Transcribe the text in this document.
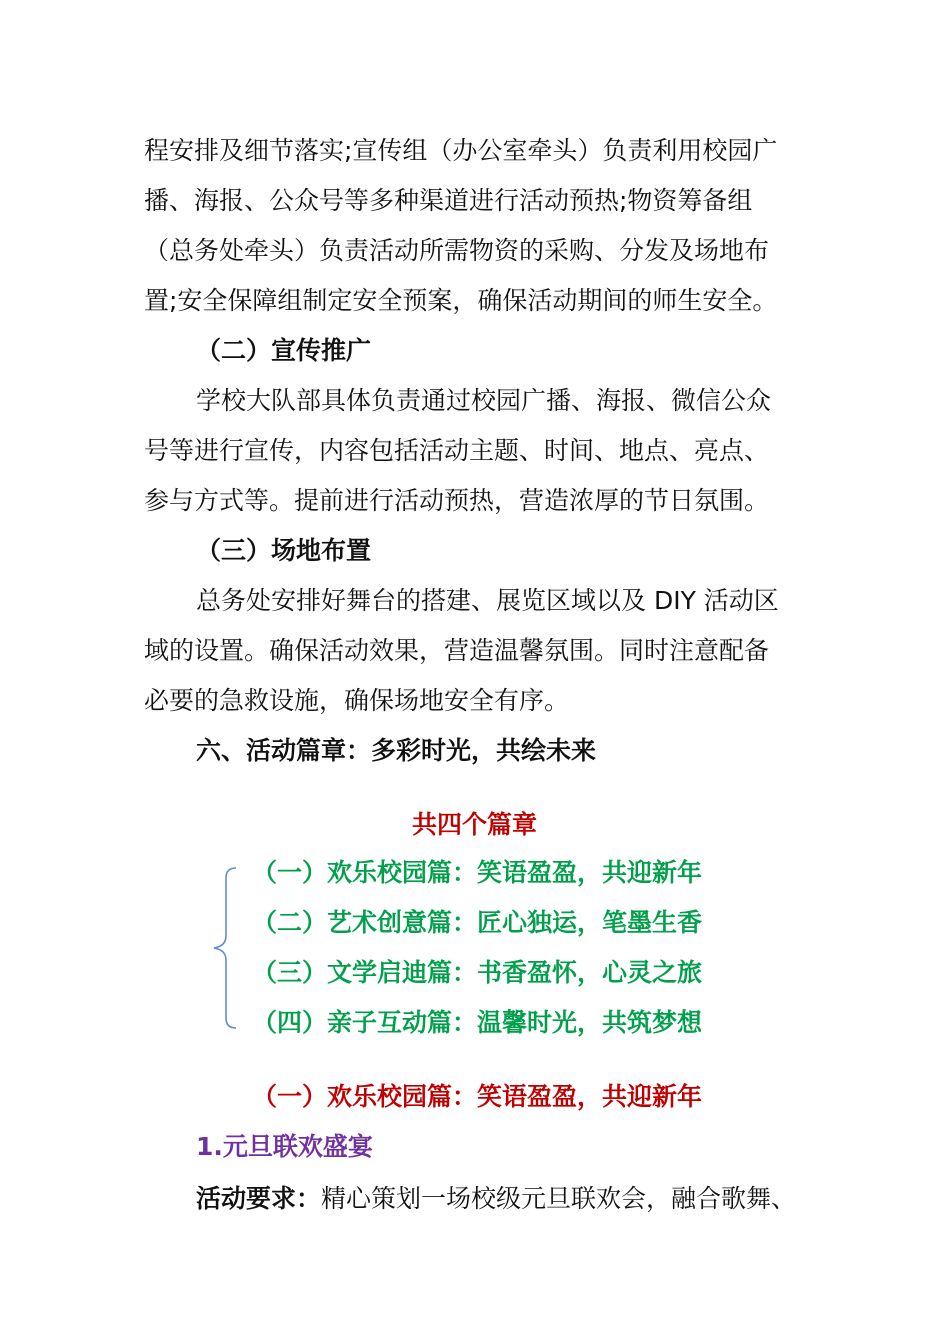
程安排及细节落实;宣传组（办公室牵头）负责利用校园广
播、海报、公众号等多种渠道进行活动预热;物资筹备组
（总务处牵头）负责活动所需物资的采购、分发及场地布
置;安全保障组制定安全预案，确保活动期间的师生安全。
（二）宣传推广
学校大队部具体负责通过校园广播、海报、微信公众
号等进行宣传，内容包括活动主题、时间、地点、亮点、
参与方式等。提前进行活动预热，营造浓厚的节日氛围。
（三）场地布置
总务处安排好舞台的搭建、展览区域以及 DIY 活动区
域的设置。确保活动效果，营造温馨氛围。同时注意配备
必要的急救设施，确保场地安全有序。
六、活动篇章：多彩时光，共绘未来
共四个篇章
（一）欢乐校园篇：笑语盈盈，共迎新年
（二）艺术创意篇：匠心独运，笔墨生香
（三）文学启迪篇：书香盈怀，心灵之旅
（四）亲子互动篇：温馨时光，共筑梦想
（一）欢乐校园篇：笑语盈盈，共迎新年
1.元旦联欢盛宴
活动要求：精心策划一场校级元旦联欢会，融合歌舞、
